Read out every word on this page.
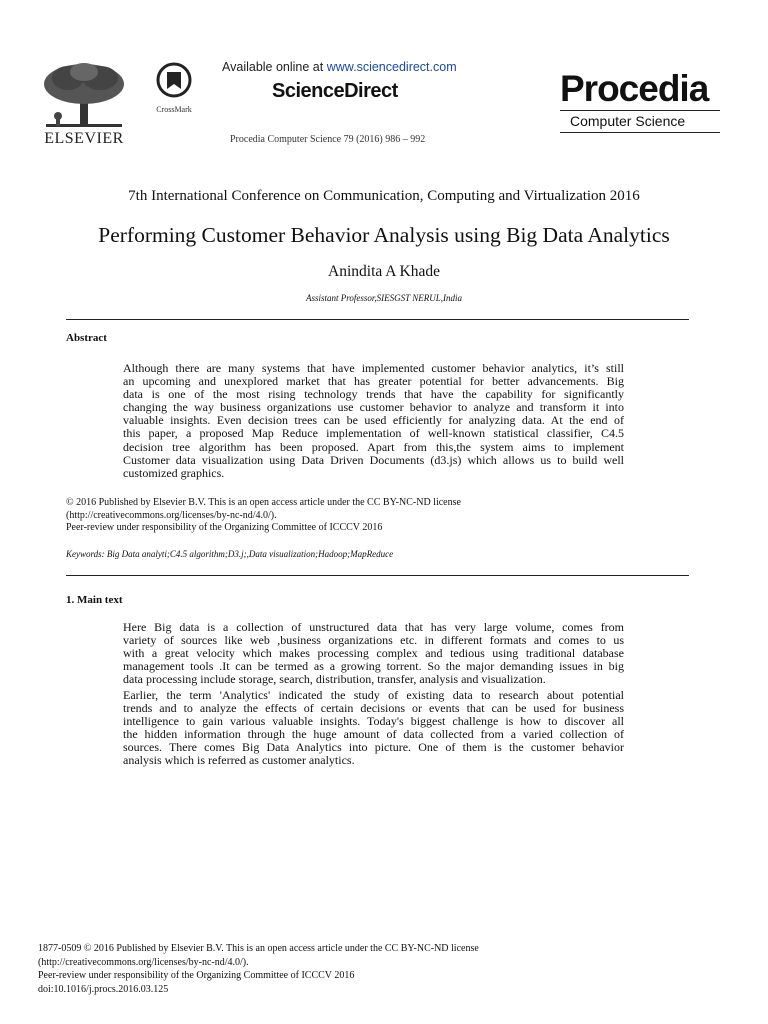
ELSEVIER
CrossMark
Available online at www.sciencedirect.com
ScienceDirect
Procedia Computer Science 79 (2016) 986 – 992
Procedia
Computer Science
7th International Conference on Communication, Computing and Virtualization 2016
Performing Customer Behavior Analysis using Big Data Analytics
Anindita A Khade
Assistant Professor,SIESGST NERUL,India
Abstract
Although there are many systems that have implemented customer behavior analytics, it’s still
an upcoming and unexplored market that has greater potential for better advancements. Big
data is one of the most rising technology trends that have the capability for significantly
changing the way business organizations use customer behavior to analyze and transform it into
valuable insights. Even decision trees can be used efficiently for analyzing data. At the end of
this paper, a proposed Map Reduce implementation of well-known statistical classifier, C4.5
decision tree algorithm has been proposed. Apart from this,the system aims to implement
Customer data visualization using Data Driven Documents (d3.js) which allows us to build well
customized graphics.
© 2016 Published by Elsevier B.V. This is an open access article under the CC BY-NC-ND license
(http://creativecommons.org/licenses/by-nc-nd/4.0/).
Peer-review under responsibility of the Organizing Committee of ICCCV 2016
Keywords: Big Data analyti;C4.5 algorithm;D3.j;,Data visualization;Hadoop;MapReduce
1. Main text
Here Big data is a collection of unstructured data that has very large volume, comes from
variety of sources like web ,business organizations etc. in different formats and comes to us
with a great velocity which makes processing complex and tedious using traditional database
management tools .It can be termed as a growing torrent. So the major demanding issues in big
data processing include storage, search, distribution, transfer, analysis and visualization.
Earlier, the term 'Analytics' indicated the study of existing data to research about potential
trends and to analyze the effects of certain decisions or events that can be used for business
intelligence to gain various valuable insights. Today's biggest challenge is how to discover all
the hidden information through the huge amount of data collected from a varied collection of
sources. There comes Big Data Analytics into picture. One of them is the customer behavior
analysis which is referred as customer analytics.
1877-0509 © 2016 Published by Elsevier B.V. This is an open access article under the CC BY-NC-ND license
(http://creativecommons.org/licenses/by-nc-nd/4.0/).
Peer-review under responsibility of the Organizing Committee of ICCCV 2016
doi:10.1016/j.procs.2016.03.125
